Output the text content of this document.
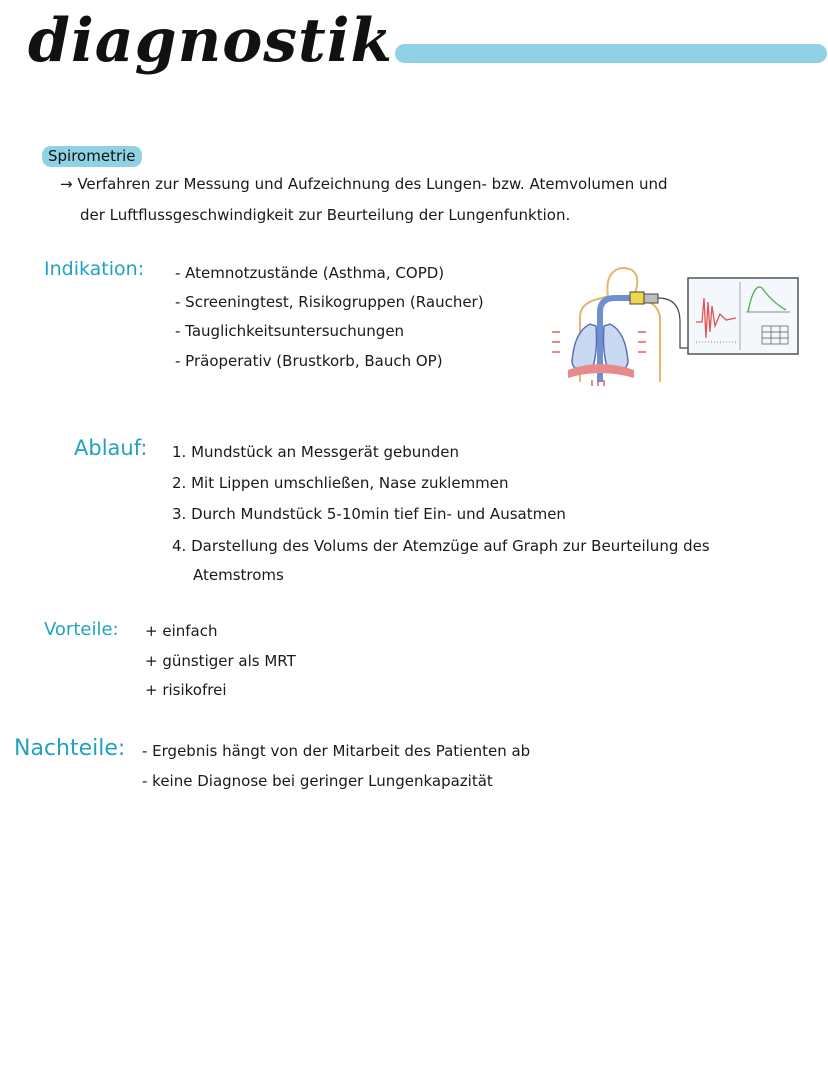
diagnostik
Spirometrie
→ Verfahren zur Messung und Aufzeichnung des Lungen- bzw. Atemvolumen und
der Luftflussgeschwindigkeit zur Beurteilung der Lungenfunktion.
Indikation: - Atemnotzustände (Asthma, COPD)
- Screeningtest, Risikogruppen (Raucher)
- Tauglichkeitsuntersuchungen
- Präoperativ (Brustkorb, Bauch OP)
Ablauf: 1. Mundstück an Messgerät gebunden
2. Mit Lippen umschließen, Nase zuklemmen
3. Durch Mundstück 5-10min tief Ein- und Ausatmen
4. Darstellung des Volums der Atemzüge auf Graph zur Beurteilung des
Atemstroms
Vorteile: + einfach
+ günstiger als MRT
+ risikofrei
Nachteile: - Ergebnis hängt von der Mitarbeit des Patienten ab
- keine Diagnose bei geringer Lungenkapazität
